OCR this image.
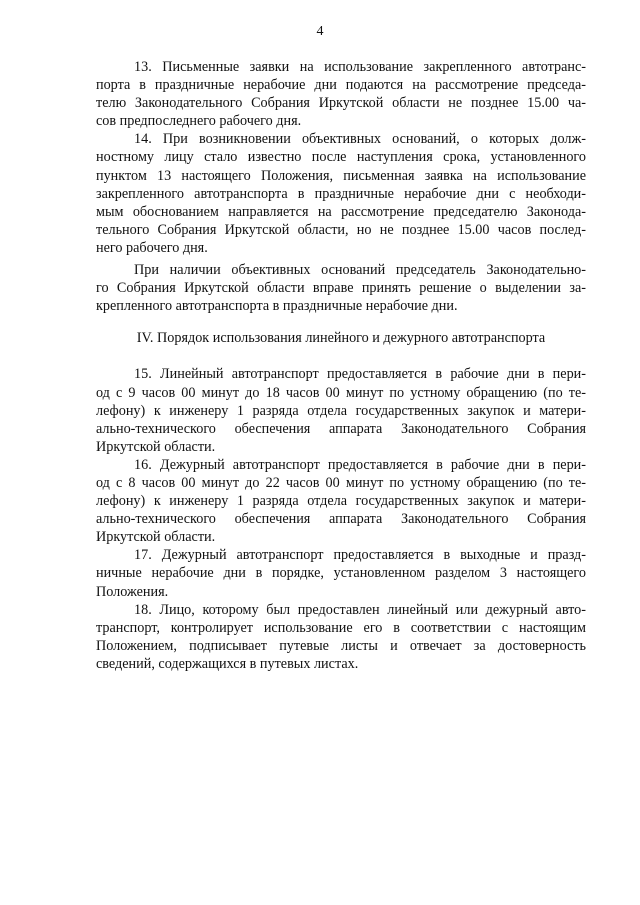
4
13. Письменные заявки на использование закрепленного автотранс-
порта в праздничные нерабочие дни подаются на рассмотрение председа-
телю Законодательного Собрания Иркутской области не позднее 15.00 ча-
сов предпоследнего рабочего дня.
14. При возникновении объективных оснований, о которых долж-
ностному лицу стало известно после наступления срока, установленного
пунктом 13 настоящего Положения, письменная заявка на использование
закрепленного автотранспорта в праздничные нерабочие дни с необходи-
мым обоснованием направляется на рассмотрение председателю Законода-
тельного Собрания Иркутской области, но не позднее 15.00 часов послед-
него рабочего дня.
При наличии объективных оснований председатель Законодательно-
го Собрания Иркутской области вправе принять решение о выделении за-
крепленного автотранспорта в праздничные нерабочие дни.
IV. Порядок использования линейного и дежурного автотранспорта
15. Линейный автотранспорт предоставляется в рабочие дни в пери-
од с 9 часов 00 минут до 18 часов 00 минут по устному обращению (по те-
лефону) к инженеру 1 разряда отдела государственных закупок и матери-
ально-технического обеспечения аппарата Законодательного Собрания
Иркутской области.
16. Дежурный автотранспорт предоставляется в рабочие дни в пери-
од с 8 часов 00 минут до 22 часов 00 минут по устному обращению (по те-
лефону) к инженеру 1 разряда отдела государственных закупок и матери-
ально-технического обеспечения аппарата Законодательного Собрания
Иркутской области.
17. Дежурный автотранспорт предоставляется в выходные и празд-
ничные нерабочие дни в порядке, установленном разделом 3 настоящего
Положения.
18. Лицо, которому был предоставлен линейный или дежурный авто-
транспорт, контролирует использование его в соответствии с настоящим
Положением, подписывает путевые листы и отвечает за достоверность
сведений, содержащихся в путевых листах.
